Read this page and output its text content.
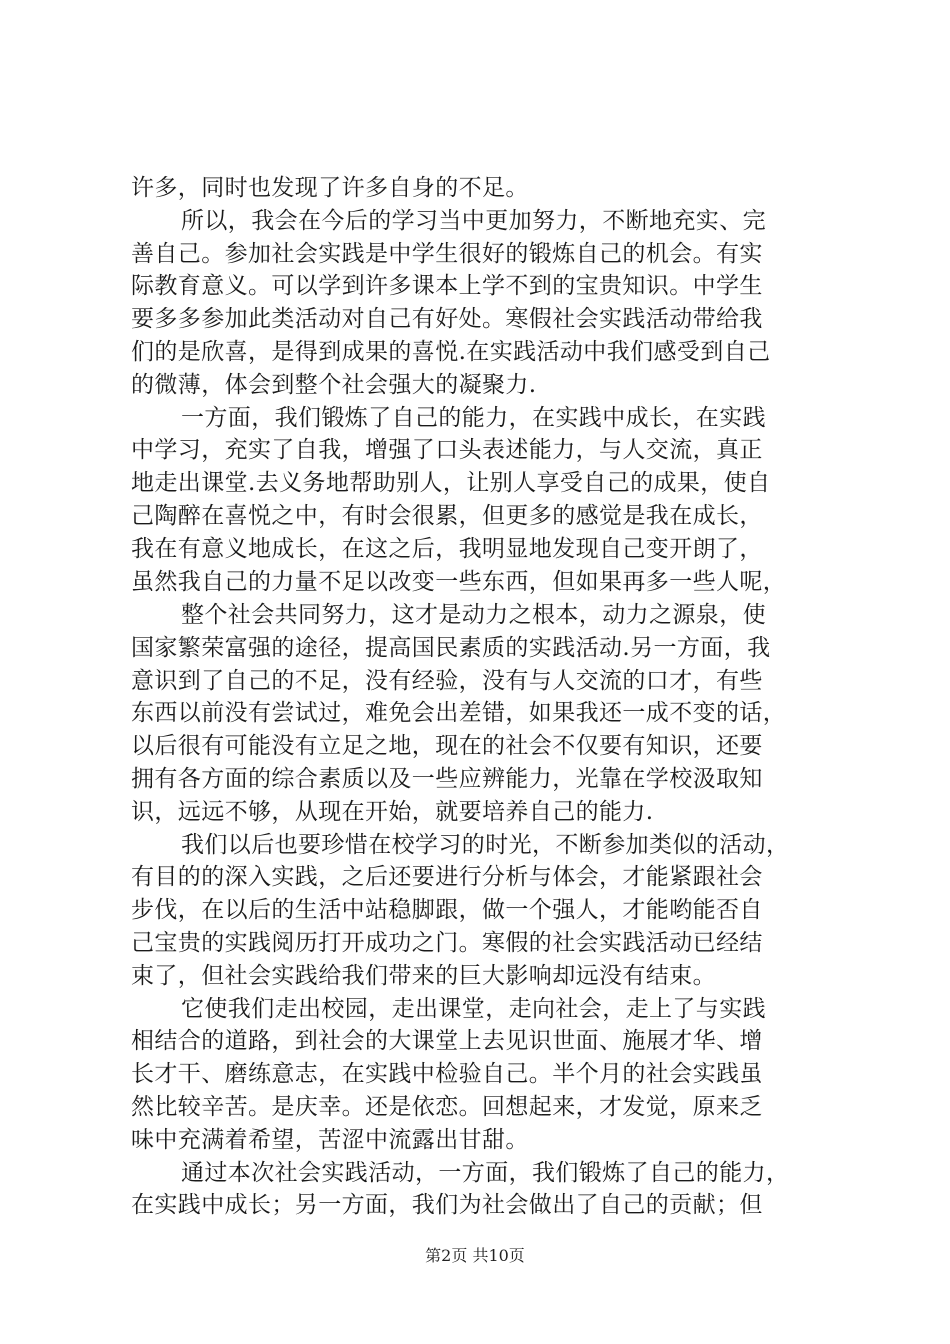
许多，同时也发现了许多自身的不足。
所以，我会在今后的学习当中更加努力，不断地充实、完
善自己。参加社会实践是中学生很好的锻炼自己的机会。有实
际教育意义。可以学到许多课本上学不到的宝贵知识。中学生
要多多参加此类活动对自己有好处。寒假社会实践活动带给我
们的是欣喜，是得到成果的喜悦.在实践活动中我们感受到自己
的微薄，体会到整个社会强大的凝聚力.
一方面，我们锻炼了自己的能力，在实践中成长，在实践
中学习，充实了自我，增强了口头表述能力，与人交流，真正
地走出课堂.去义务地帮助别人，让别人享受自己的成果，使自
己陶醉在喜悦之中，有时会很累，但更多的感觉是我在成长，
我在有意义地成长，在这之后，我明显地发现自己变开朗了，
虽然我自己的力量不足以改变一些东西，但如果再多一些人呢，
整个社会共同努力，这才是动力之根本，动力之源泉，使
国家繁荣富强的途径，提高国民素质的实践活动.另一方面，我
意识到了自己的不足，没有经验，没有与人交流的口才，有些
东西以前没有尝试过，难免会出差错，如果我还一成不变的话，
以后很有可能没有立足之地，现在的社会不仅要有知识，还要
拥有各方面的综合素质以及一些应辨能力，光靠在学校汲取知
识，远远不够，从现在开始，就要培养自己的能力.
我们以后也要珍惜在校学习的时光，不断参加类似的活动，
有目的的深入实践，之后还要进行分析与体会，才能紧跟社会
步伐，在以后的生活中站稳脚跟，做一个强人，才能哟能否自
己宝贵的实践阅历打开成功之门。寒假的社会实践活动已经结
束了，但社会实践给我们带来的巨大影响却远没有结束。
它使我们走出校园，走出课堂，走向社会，走上了与实践
相结合的道路，到社会的大课堂上去见识世面、施展才华、增
长才干、磨练意志，在实践中检验自己。半个月的社会实践虽
然比较辛苦。是庆幸。还是依恋。回想起来，才发觉，原来乏
味中充满着希望，苦涩中流露出甘甜。
通过本次社会实践活动，一方面，我们锻炼了自己的能力，
在实践中成长；另一方面，我们为社会做出了自己的贡献；但
第2页 共10页
